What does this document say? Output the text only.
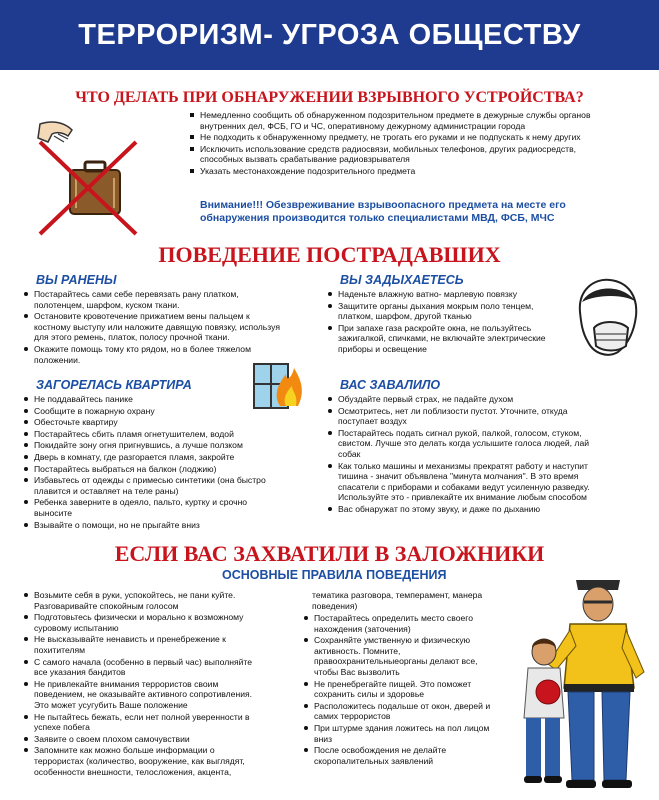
ТЕРРОРИЗМ- УГРОЗА ОБЩЕСТВУ
ЧТО ДЕЛАТЬ ПРИ ОБНАРУЖЕНИИ ВЗРЫВНОГО УСТРОЙСТВА?
Немедленно сообщить об обнаруженном подозрительном предмете в дежурные службы органов внутренних дел, ФСБ, ГО и ЧС, оперативному дежурному администрации города
Не подходить к обнаруженному предмету, не трогать его руками и не подпускать к нему других
Исключить использование средств радиосвязи, мобильных телефонов, других радиосредств, способных вызвать срабатывание радиовзрывателя
Указать местонахождение подозрительного предмета
Внимание!!! Обезвреживание взрывоопасного предмета на месте его обнаружения производится только специалистами МВД, ФСБ, МЧС
ПОВЕДЕНИЕ ПОСТРАДАВШИХ
ВЫ РАНЕНЫ
Постарайтесь сами себе перевязать рану платком, полотенцем, шарфом, куском ткани.
Остановите кровотечение прижатием вены пальцем к костному выступу или наложите давящую повязку, используя для этого ремень, платок, полосу прочной ткани.
Окажите помощь тому кто рядом, но в более тяжелом положении.
ВЫ ЗАДЫХАЕТЕСЬ
Наденьте влажную ватно- марлевую повязку
Защитите органы дыхания мокрым поло тенцем, платком, шарфом, другой тканью
При запахе газа раскройте окна, не пользуйтесь зажигалкой, спичками, не включайте электрические приборы и освещение
ЗАГОРЕЛАСЬ КВАРТИРА
Не поддавайтесь панике
Сообщите в пожарную охрану
Обесточьте квартиру
Постарайтесь сбить пламя огнетушителем, водой
Покидайте зону огня пригнувшись, а лучше ползком
Дверь в комнату, где разгорается пламя, закройте
Постарайтесь выбраться на балкон (лоджию)
Избавьтесь от одежды с примесью синтетики (она быстро плавится и оставляет на теле раны)
Ребенка заверните в одеяло, пальто, куртку и срочно выносите
Взывайте о помощи, но не прыгайте вниз
ВАС ЗАВАЛИЛО
Обуздайте первый страх, не падайте духом
Осмотритесь, нет ли поблизости пустот. Уточните, откуда поступает воздух
Постарайтесь подать сигнал рукой, палкой, голосом, стуком, свистом. Лучше это делать когда услышите голоса людей, лай собак
Как только машины и механизмы прекратят работу и наступит тишина - значит объявлена "минута молчания". В это время спасатели с приборами и собаками ведут усиленную разведку. Используйте это - привлекайте их внимание любым способом
Вас обнаружат по этому звуку, и даже по дыханию
ЕСЛИ ВАС ЗАХВАТИЛИ В ЗАЛОЖНИКИ
ОСНОВНЫЕ ПРАВИЛА ПОВЕДЕНИЯ
Возьмите себя в руки, успокойтесь, не пани куйте. Разговаривайте спокойным голосом
Подготовьтесь физически и морально к возможному суровому испытанию
Не высказывайте ненависть и пренебрежение к похитителям
С самого начала (особенно в первый час) выполняйте все указания бандитов
Не привлекайте внимания террористов своим поведением, не оказывайте активного сопротивления. Это может усугубить Ваше положение
Не пытайтесь бежать, если нет полной уверенности в успехе побега
Заявите о своем плохом самочувствии
Запомните как можно больше информации о террористах (количество, вооружение, как выглядят, особенности внешности, телосложения, акцента,
тематика разговора, темперамент, манера поведения)
Постарайтесь определить место своего нахождения (заточения)
Сохраняйте умственную и физическую активность. Помните, правоохранительныеорганы делают все, чтобы Вас вызволить
Не пренебрегайте пищей. Это поможет сохранить силы и здоровье
Расположитесь подальше от окон, дверей и самих террористов
При штурме здания ложитесь на пол лицом вниз
После освобождения не делайте скоропалительных заявлений
